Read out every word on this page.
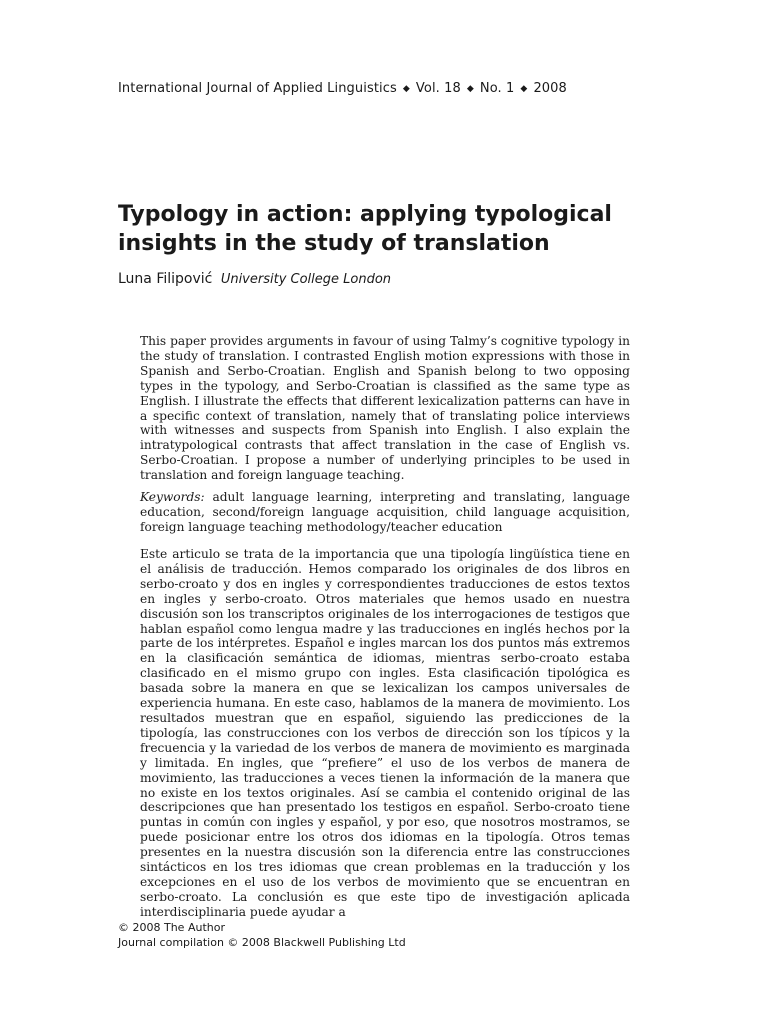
International Journal of Applied Linguistics ◆ Vol. 18 ◆ No. 1 ◆ 2008
Typology in action: applying typological
insights in the study of translation
Luna Filipović University College London

This paper provides arguments in favour of using Talmy’s cognitive typology in the study of translation. I contrasted English motion expressions with those in Spanish and Serbo-Croatian. English and Spanish belong to two opposing types in the typology, and Serbo-Croatian is classified as the same type as English. I illustrate the effects that different lexicalization patterns can have in a specific context of translation, namely that of translating police interviews with witnesses and suspects from Spanish into English. I also explain the intratypological contrasts that affect translation in the case of English vs. Serbo-Croatian. I propose a number of underlying principles to be used in translation and foreign language teaching.

Keywords: adult language learning, interpreting and translating, language education, second/foreign language acquisition, child language acquisition, foreign language teaching methodology/teacher education

Este articulo se trata de la importancia que una tipología lingüística tiene en el análisis de traducción. Hemos comparado los originales de dos libros en serbo-croato y dos en ingles y correspondientes traducciones de estos textos en ingles y serbo-croato. Otros materiales que hemos usado en nuestra discusión son los transcriptos originales de los interrogaciones de testigos que hablan español como lengua madre y las traducciones en inglés hechos por la parte de los intérpretes. Español e ingles marcan los dos puntos más extremos en la clasificación semántica de idiomas, mientras serbo-croato estaba clasificado en el mismo grupo con ingles. Esta clasificación tipológica es basada sobre la manera en que se lexicalizan los campos universales de experiencia humana. En este caso, hablamos de la manera de movimiento. Los resultados muestran que en español, siguiendo las predicciones de la tipología, las construcciones con los verbos de dirección son los típicos y la frecuencia y la variedad de los verbos de manera de movimiento es marginada y limitada. En ingles, que “prefiere” el uso de los verbos de manera de movimiento, las traducciones a veces tienen la información de la manera que no existe en los textos originales. Así se cambia el contenido original de las descripciones que han presentado los testigos en español. Serbo-croato tiene puntas in común con ingles y español, y por eso, que nosotros mostramos, se puede posicionar entre los otros dos idiomas en la tipología. Otros temas presentes en la nuestra discusión son la diferencia entre las construcciones sintácticos en los tres idiomas que crean problemas en la traducción y los excepciones en el uso de los verbos de movimiento que se encuentran en serbo-croato. La conclusión es que este tipo de investigación aplicada interdisciplinaria puede ayudar a

© 2008 The Author
Journal compilation © 2008 Blackwell Publishing Ltd
